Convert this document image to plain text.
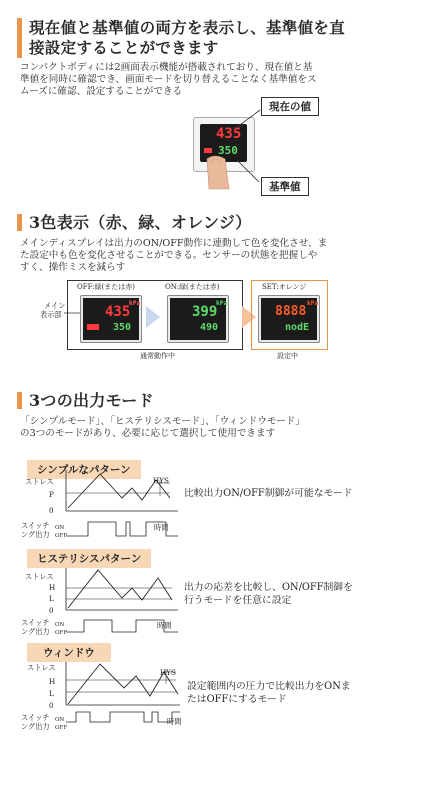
現在値と基準値の両方を表示し、基準値を直
接設定することができます
コンパクトボディには2画面表示機能が搭載されており、現在値と基
準値を同時に確認でき、画面モードを切り替えることなく基準値をス
ムーズに確認、設定することができる
435
350
現在の値
基準値
3色表示（赤、緑、オレンジ）
メインディスプレイは出力のON/OFF動作に連動して色を変化させ、ま
た設定中も色を変化させることができる。センサーの状態を把握しや
すく、操作ミスを減らす
メイン
表示部
OFF:緑(または赤)	ON:緑(または赤)
kPa
435
350
kPa
399
490
SET:オレンジ
kPa
8888
nodE
通常動作中	設定中
3つの出力モード
「シンプルモード」、「ヒステリシスモード」、「ウィンドウモード」
の3つのモードがあり、必要に応じて選択して使用できます
シンプルなパターン
ストレス
P
0
HYS
スイッチ
ング出力
ON
OFF
時間
比較出力ON/OFF制御が可能なモード
ヒステリシスパターン
ストレス
H
L
0
スイッチ
ング出力
ON
OFF
時間
出力の応差を比較し、ON/OFF制御を
行うモードを任意に設定
ウィンドウ
ストレス
H
L
0
HYS
スイッチ
ング出力
ON
OFF
時間
設定範囲内の圧力で比較出力をONま
たはOFFにするモード
